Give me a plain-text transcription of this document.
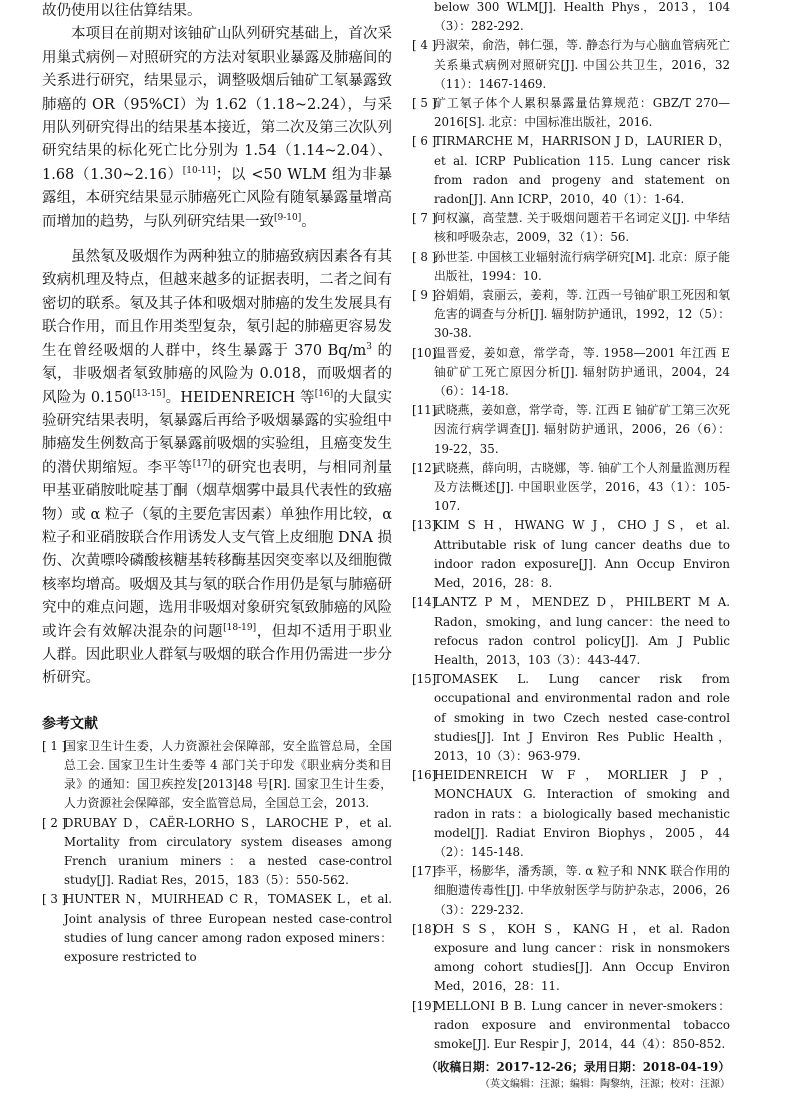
故仍使用以往估算结果。

本项目在前期对该铀矿山队列研究基础上，首次采用巢式病例－对照研究的方法对氡职业暴露及肺癌间的关系进行研究，结果显示，调整吸烟后铀矿工氡暴露致肺癌的 OR（95%CI）为 1.62（1.18~2.24），与采用队列研究得出的结果基本接近，第二次及第三次队列研究结果的标化死亡比分别为 1.54（1.14~2.04）、1.68（1.30~2.16）[10-11]；以 <50 WLM 组为非暴露组，本研究结果显示肺癌死亡风险有随氡暴露量增高而增加的趋势，与队列研究结果一致[9-10]。

虽然氡及吸烟作为两种独立的肺癌致病因素各有其致病机理及特点，但越来越多的证据表明，二者之间有密切的联系。氡及其子体和吸烟对肺癌的发生发展具有联合作用，而且作用类型复杂，氡引起的肺癌更容易发生在曾经吸烟的人群中，终生暴露于 370 $Bq/m^3$ 的氡，非吸烟者氡致肺癌的风险为 0.018，而吸烟者的风险为 0.150[13-15]。HEIDENREICH 等[16]的大鼠实验研究结果表明，氡暴露后再给予吸烟暴露的实验组中肺癌发生例数高于氡暴露前吸烟的实验组，且癌变发生的潜伏期缩短。李平等[17]的研究也表明，与相同剂量甲基亚硝胺吡啶基丁酮（烟草烟雾中最具代表性的致癌物）或 α 粒子（氡的主要危害因素）单独作用比较，α 粒子和亚硝胺联合作用诱发人支气管上皮细胞 DNA 损伤、次黄嘌呤磷酸核糖基转移酶基因突变率以及细胞微核率均增高。吸烟及其与氡的联合作用仍是氡与肺癌研究中的难点问题，选用非吸烟对象研究氡致肺癌的风险或许会有效解决混杂的问题[18-19]，但却不适用于职业人群。因此职业人群氡与吸烟的联合作用仍需进一步分析研究。

参考文献

[ 1 ]
国家卫生计生委，人力资源社会保障部，安全监管总局，全国总工会. 国家卫生计生委等 4 部门关于印发《职业病分类和目录》的通知：国卫疾控发[2013]48 号[R]. 国家卫生计生委，人力资源社会保障部，安全监管总局，全国总工会，2013.
[ 2 ]
DRUBAY D，CAËR-LORHO S，LAROCHE P，et al. Mortality from circulatory system diseases among French uranium miners：a nested case-control study[J]. Radiat Res，2015，183（5）：550-562.
[ 3 ]
HUNTER N，MUIRHEAD C R，TOMASEK L，et al. Joint analysis of three European nested case-control studies of lung cancer among radon exposed miners：exposure restricted to

below 300 WLM[J]. Health Phys，2013，104（3）：282-292.

[ 4 ]
丹淑荣，俞浩，韩仁强，等. 静态行为与心脑血管病死亡关系巢式病例对照研究[J]. 中国公共卫生，2016，32（11）：1467-1469.
[ 5 ]
矿工氡子体个人累积暴露量估算规范：GBZ/T 270—2016[S]. 北京：中国标准出版社，2016.
[ 6 ]
TIRMARCHE M，HARRISON J D，LAURIER D，et al. ICRP Publication 115. Lung cancer risk from radon and progeny and statement on radon[J]. Ann ICRP，2010，40（1）：1-64.
[ 7 ]
何权瀛，高莹慧. 关于吸烟问题若干名词定义[J]. 中华结核和呼吸杂志，2009，32（1）：56.
[ 8 ]
孙世荃. 中国核工业辐射流行病学研究[M]. 北京：原子能出版社，1994：10.
[ 9 ]
谷娟娟，袁丽云，姜莉，等. 江西一号铀矿职工死因和氡危害的调查与分析[J]. 辐射防护通讯，1992，12（5）：30-38.
[10]
温晋爱，姜如意，常学奇，等. 1958—2001 年江西 E 铀矿矿工死亡原因分析[J]. 辐射防护通讯，2004，24（6）：14-18.
[11]
武晓燕，姜如意，常学奇，等. 江西 E 铀矿矿工第三次死因流行病学调查[J]. 辐射防护通讯，2006，26（6）：19-22，35.
[12]
武晓燕，薛向明，古晓娜，等. 铀矿工个人剂量监测历程及方法概述[J]. 中国职业医学，2016，43（1）：105-107.
[13]
KIM S H，HWANG W J，CHO J S，et al. Attributable risk of lung cancer deaths due to indoor radon exposure[J]. Ann Occup Environ Med，2016，28：8.
[14]
LANTZ P M，MENDEZ D，PHILBERT M A. Radon，smoking，and lung cancer：the need to refocus radon control policy[J]. Am J Public Health，2013，103（3）：443-447.
[15]
TOMASEK L. Lung cancer risk from occupational and environmental radon and role of smoking in two Czech nested case-control studies[J]. Int J Environ Res Public Health，2013，10（3）：963-979.
[16]
HEIDENREICH W F，MORLIER J P，MONCHAUX G. Interaction of smoking and radon in rats：a biologically based mechanistic model[J]. Radiat Environ Biophys，2005，44（2）：145-148.
[17]
李平，杨膨华，潘秀颉，等. α 粒子和 NNK 联合作用的细胞遗传毒性[J]. 中华放射医学与防护杂志，2006，26（3）：229-232.
[18]
OH S S，KOH S，KANG H，et al. Radon exposure and lung cancer：risk in nonsmokers among cohort studies[J]. Ann Occup Environ Med，2016，28：11.
[19]
MELLONI B B. Lung cancer in never-smokers：radon exposure and environmental tobacco smoke[J]. Eur Respir J，2014，44（4）：850-852.

（收稿日期：2017-12-26；录用日期：2018-04-19）

（英文编辑：汪源；编辑：陶黎纳，汪源；校对：汪源）
